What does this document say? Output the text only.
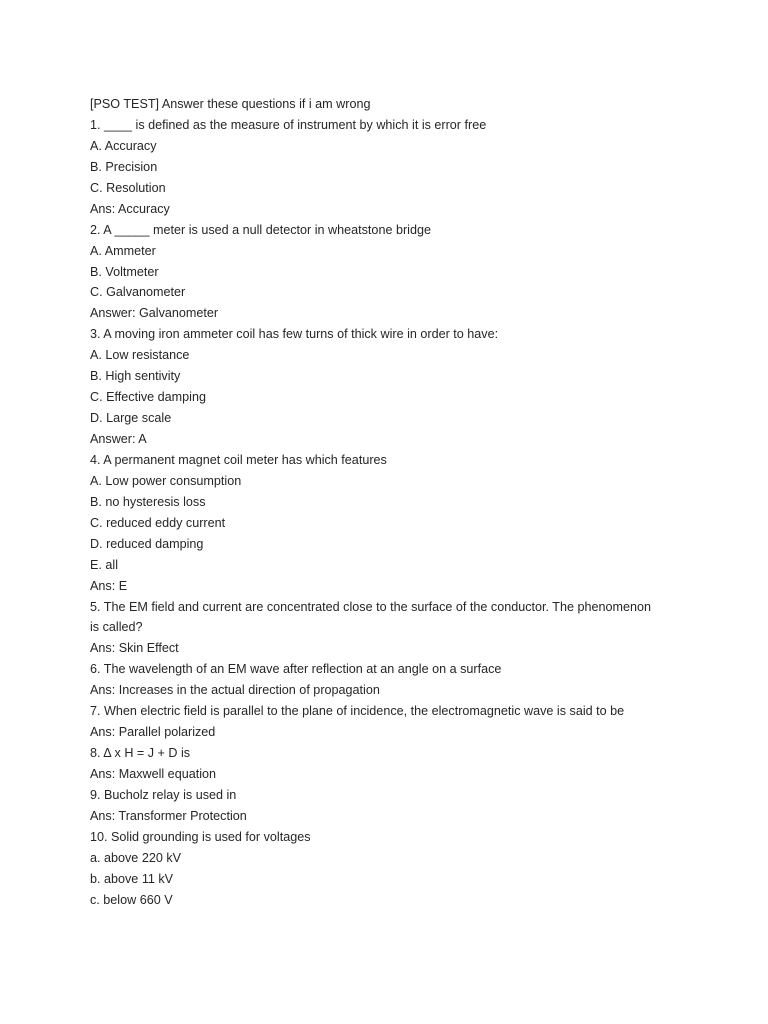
[PSO TEST] Answer these questions if i am wrong

1. ____ is defined as the measure of instrument by which it is error free

A. Accuracy

B. Precision

C. Resolution

Ans: Accuracy

2. A _____ meter is used a null detector in wheatstone bridge

A. Ammeter

B. Voltmeter

C. Galvanometer

Answer: Galvanometer

3. A moving iron ammeter coil has few turns of thick wire in order to have:

A. Low resistance

B. High sentivity

C. Effective damping

D. Large scale

Answer: A

4. A permanent magnet coil meter has which features

A. Low power consumption

B. no hysteresis loss

C. reduced eddy current

D. reduced damping

E. all

Ans: E

5. The EM field and current are concentrated close to the surface of the conductor. The phenomenon

is called?

Ans: Skin Effect

6. The wavelength of an EM wave after reflection at an angle on a surface

Ans: Increases in the actual direction of propagation

7. When electric field is parallel to the plane of incidence, the electromagnetic wave is said to be

Ans: Parallel polarized

8. Δ x H = J + D is

Ans: Maxwell equation

9. Bucholz relay is used in

Ans: Transformer Protection

10. Solid grounding is used for voltages

a. above 220 kV

b. above 11 kV

c. below 660 V
